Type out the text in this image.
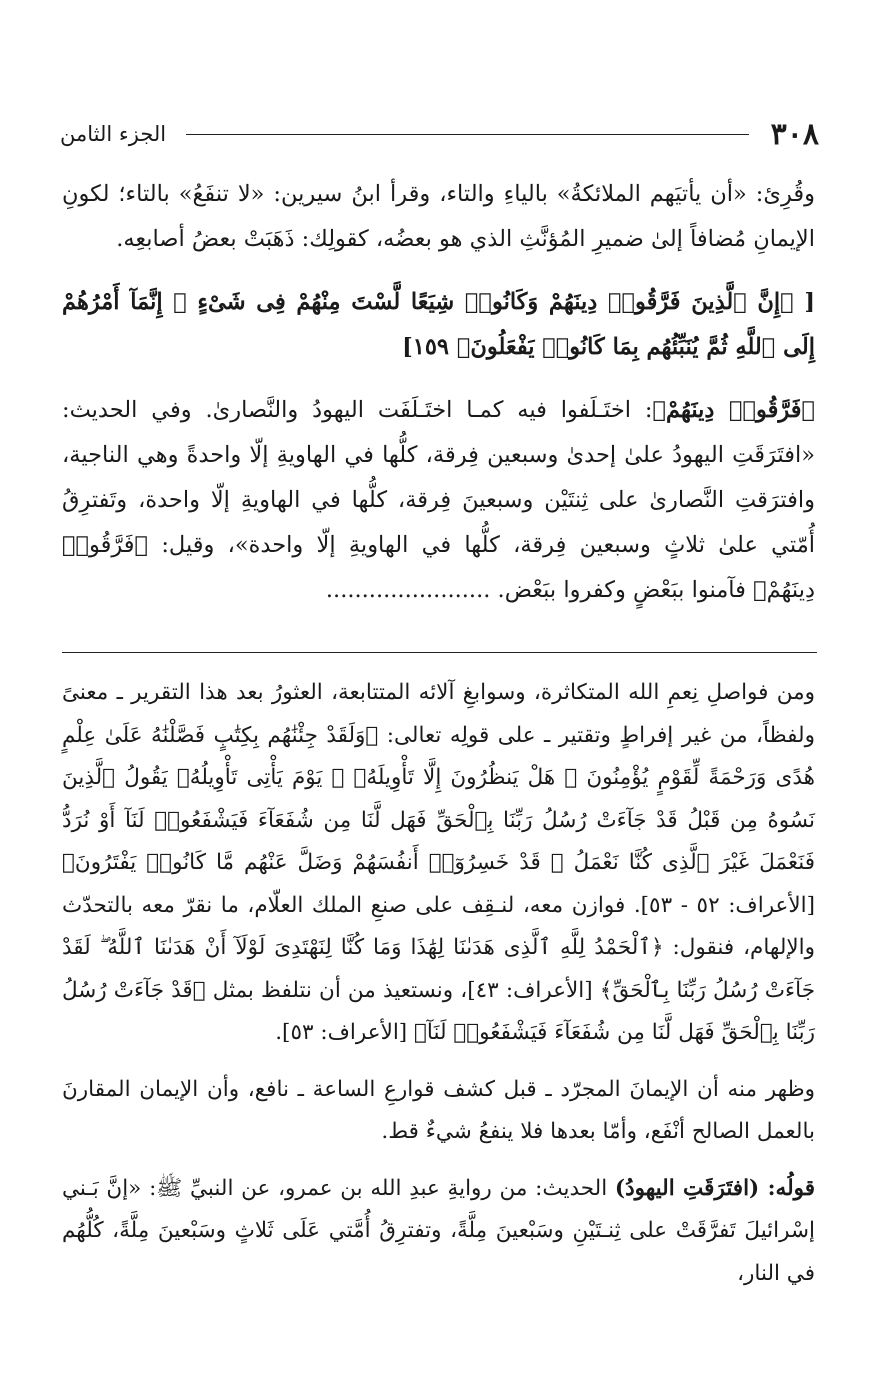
٣٠٨
الجزء الثامن

وقُرِئ: «أن يأتيَهم الملائكةُ» بالياءِ والتاء، وقرأ ابنُ سيرين: «لا تنفَعُ» بالتاء؛ لكونِ الإيمانِ مُضافاً إلىٰ ضميرِ المُؤنَّثِ الذي هو بعضُه، كقولِك: ذَهَبَتْ بعضُ أصابعِه.

[ ﴿إِنَّ ٱلَّذِينَ فَرَّقُوا۟ دِينَهُمْ وَكَانُوا۟ شِيَعًا لَّسْتَ مِنْهُمْ فِى شَىْءٍ ۚ إِنَّمَآ أَمْرُهُمْ إِلَى ٱللَّهِ ثُمَّ يُنَبِّئُهُم بِمَا كَانُوا۟ يَفْعَلُونَ﴾ ١٥٩]

﴿فَرَّقُوا۟ دِينَهُمْ﴾: اختَـلَفوا فيه كمـا اختَـلَفَت اليهودُ والنَّصارىٰ. وفي الحديث: «افتَرَقَتِ اليهودُ علىٰ إحدىٰ وسبعين فِرقة، كلُّها في الهاويةِ إلّا واحدةً وهي الناجية، وافترَقتِ النَّصارىٰ على ثِنتَيْن وسبعينَ فِرقة، كلُّها في الهاويةِ إلّا واحدة، وتَفترِقُ أُمّتي علىٰ ثلاثٍ وسبعين فِرقة، كلُّها في الهاويةِ إلّا واحدة»، وقيل: ﴿فَرَّقُوا۟ دِينَهُمْ﴾ فآمنوا ببَعْضٍ وكفروا ببَعْض. .......................

ومن فواصلِ نِعمِ الله المتكاثرة، وسوابغِ آلائه المتتابعة، العثورُ بعد هذا التقرير ـ معنىً ولفظاً، من غير إفراطٍ وتقتير ـ على قولِه تعالى: ﴿وَلَقَدْ جِئْنَٰهُم بِكِتَٰبٍ فَصَّلْنَٰهُ عَلَىٰ عِلْمٍ هُدًى وَرَحْمَةً لِّقَوْمٍ يُؤْمِنُونَ ۞ هَلْ يَنظُرُونَ إِلَّا تَأْوِيلَهُۥ ۚ يَوْمَ يَأْتِى تَأْوِيلُهُۥ يَقُولُ ٱلَّذِينَ نَسُوهُ مِن قَبْلُ قَدْ جَآءَتْ رُسُلُ رَبِّنَا بِٱلْحَقِّ فَهَل لَّنَا مِن شُفَعَآءَ فَيَشْفَعُوا۟ لَنَآ أَوْ نُرَدُّ فَنَعْمَلَ غَيْرَ ٱلَّذِى كُنَّا نَعْمَلُ ۚ قَدْ خَسِرُوٓا۟ أَنفُسَهُمْ وَضَلَّ عَنْهُم مَّا كَانُوا۟ يَفْتَرُونَ﴾ [الأعراف: ٥٢ - ٥٣]. فوازن معه، لنـقِف على صنعِ الملك العلّام، ما نقرّ معه بالتحدّث والإلهام، فنقول: ﴿ٱلْحَمْدُ لِلَّهِ ٱلَّذِى هَدَىٰنَا لِهَٰذَا وَمَا كُنَّا لِنَهْتَدِىَ لَوْلَآ أَنْ هَدَىٰنَا ٱللَّهُ ۖ لَقَدْ جَآءَتْ رُسُلُ رَبِّنَا بِٱلْحَقِّ﴾ [الأعراف: ٤٣]، ونستعيذ من أن نتلفظ بمثل ﴿قَدْ جَآءَتْ رُسُلُ رَبِّنَا بِٱلْحَقِّ فَهَل لَّنَا مِن شُفَعَآءَ فَيَشْفَعُوا۟ لَنَآ﴾ [الأعراف: ٥٣].

وظهر منه أن الإيمانَ المجرّد ـ قبل كشف قوارعِ الساعة ـ نافع، وأن الإيمان المقارنَ بالعمل الصالح أنْفَع، وأمّا بعدها فلا ينفعُ شيءٌ قط.

قولُه: (افتَرَقَتِ اليهودُ) الحديث: من روايةِ عبدِ الله بن عمرو، عن النبيِّ ﷺ: «إنَّ بَـني إسْرائيلَ تَفرَّقَتْ على ثِنـتَيْنِ وسَبْعينَ مِلَّةً، وتفترِقُ أُمَّتي عَلَى ثَلاثٍ وسَبْعينَ مِلَّةً، كُلُّهُم في النار،
